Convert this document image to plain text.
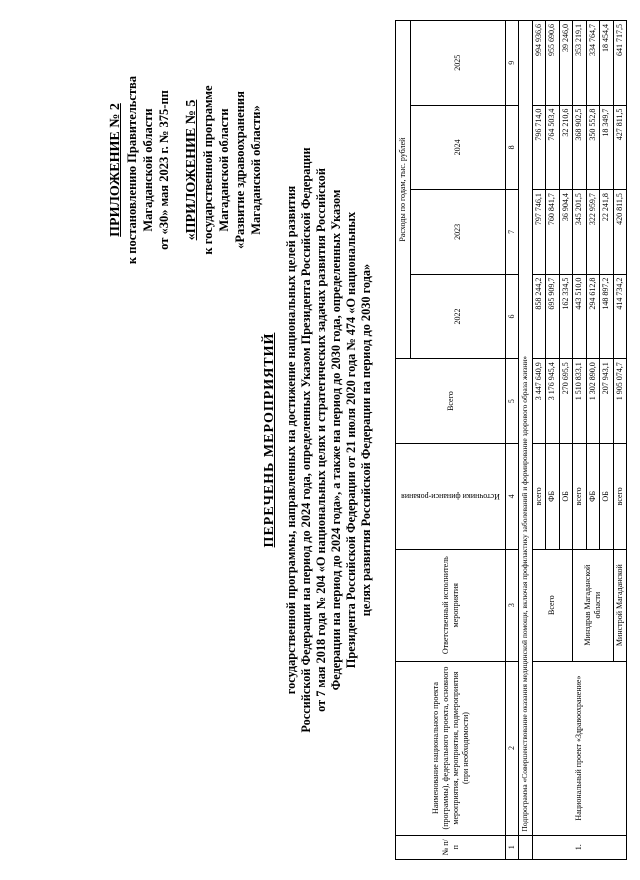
ПРИЛОЖЕНИЕ № 2 к постановлению Правительства Магаданской области от «30» мая 2023 г. № 375-пп «ПРИЛОЖЕНИЕ № 5 к государственной программе Магаданской области «Развитие здравоохранения Магаданской области»
ПЕРЕЧЕНЬ МЕРОПРИЯТИЙ государственной программы, направленных на достижение национальных целей развития Российской Федерации на период до 2024 года, определенных Указом Президента Российской Федерации от 7 мая 2018 года № 204 «О национальных целях и стратегических задачах развития Российской Федерации на период до 2024 года», а также на период до 2030 года, определенных Указом Президента Российской Федерации от 21 июля 2020 года № 474 «О национальных целях развития Российской Федерации на период до 2030 года»
№ п/п	Наименование национального проекта (программы), федерального проекта, основного мероприятия, мероприятия, подмероприятия (при необходимости)	Ответственный исполнитель мероприятия	Источники финанси-рования	Всего	Расходы по годам, тыс. рублей			
					2022	2023	2024	2025
1	2	3	4	5	6	7	8	9
	Подпрограмма «Совершенствование оказания медицинской помощи, включая профилактику заболеваний и формирование здорового образа жизни»							
1.	Национальный проект «Здравоохранение»	Всего	всего	3 447 640,9	858 244,2	797 746,1	796 714,0	994 936,6
			ФБ	3 176 945,4	695 909,7	760 841,7	764 503,4	955 690,6
			ОБ	270 695,5	162 334,5	36 904,4	32 210,6	39 246,0
		Минздрав Магаданской области	всего	1 510 833,1	443 510,0	345 201,5	368 902,5	353 219,1
			ФБ	1 302 890,0	294 612,8	322 959,7	350 552,8	334 764,7
			ОБ	207 943,1	148 897,2	22 241,8	18 349,7	18 454,4
		Минстрой Магаданской	всего	1 905 074,7	414 734,2	420 811,5	427 811,5	641 717,5
